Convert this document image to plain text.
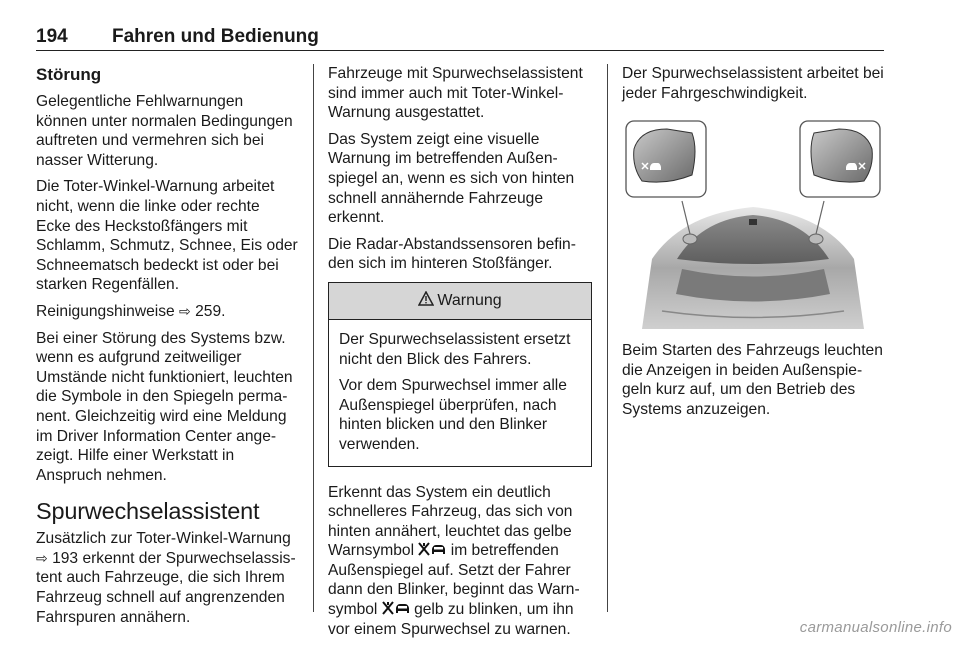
194 Fahren und Bedienung
Störung

Gelegentliche Fehlwarnungen können unter normalen Bedingungen auftreten und vermehren sich bei nasser Witterung.

Die Toter-Winkel-Warnung arbeitet nicht, wenn die linke oder rechte Ecke des Heckstoßfängers mit Schlamm, Schmutz, Schnee, Eis oder Schneematsch bedeckt ist oder bei starken Regenfällen.

Reinigungshinweise ⇨ 259.

Bei einer Störung des Systems bzw. wenn es aufgrund zeitweiliger Umstände nicht funktioniert, leuchten die Symbole in den Spiegeln permanent. Gleichzeitig wird eine Meldung im Driver Information Center angezeigt. Hilfe einer Werkstatt in Anspruch nehmen.

Spurwechselassistent

Zusätzlich zur Toter-Winkel-Warnung ⇨ 193 erkennt der Spurwechselassistent auch Fahrzeuge, die sich Ihrem Fahrzeug schnell auf angrenzenden Fahrspuren annähern.

Fahrzeuge mit Spurwechselassistent sind immer auch mit Toter-Winkel-Warnung ausgestattet.

Das System zeigt eine visuelle Warnung im betreffenden Außenspiegel an, wenn es sich von hinten schnell annähernde Fahrzeuge erkennt.

Die Radar-Abstandssensoren befinden sich im hinteren Stoßfänger.

Warnung

Der Spurwechselassistent ersetzt nicht den Blick des Fahrers.

Vor dem Spurwechsel immer alle Außenspiegel überprüfen, nach hinten blicken und den Blinker verwenden.

Erkennt das System ein deutlich schnelleres Fahrzeug, das sich von hinten annähert, leuchtet das gelbe Warnsymbol  im betreffenden Außenspiegel auf. Setzt der Fahrer dann den Blinker, beginnt das Warnsymbol  gelb zu blinken, um ihn vor einem Spurwechsel zu warnen.

Der Spurwechselassistent arbeitet bei jeder Fahrgeschwindigkeit.

Beim Starten des Fahrzeugs leuchten die Anzeigen in beiden Außenspiegeln kurz auf, um den Betrieb des Systems anzuzeigen.

carmanualsonline.info
